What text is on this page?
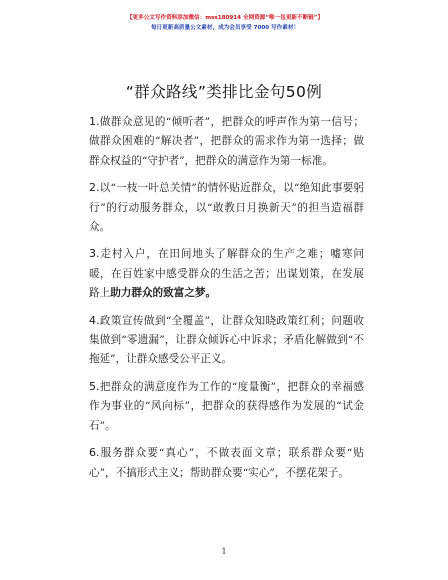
【更多公文写作资料添加微信：mss180914 全网资源“唯一包更新不断链”】
每日更新高质量公文素材，成为会员享受 7000 写作素材！
“群众路线”类排比金句50例

1.做群众意见的“倾听者”，把群众的呼声作为第一信号；做群众困难的“解决者”，把群众的需求作为第一选择；做群众权益的“守护者”，把群众的满意作为第一标准。

2.以“一枝一叶总关情”的情怀贴近群众，以“绝知此事要躬行”的行动服务群众，以“敢教日月换新天”的担当造福群众。

3.走村入户，在田间地头了解群众的生产之难；嘘寒问暖，在百姓家中感受群众的生活之苦；出谋划策，在发展路上助力群众的致富之梦。

4.政策宣传做到“全覆盖”，让群众知晓政策红利；问题收集做到“零遗漏”，让群众倾诉心中诉求；矛盾化解做到“不拖延”，让群众感受公平正义。

5.把群众的满意度作为工作的“度量衡”，把群众的幸福感作为事业的“风向标”，把群众的获得感作为发展的“试金石”。

6.服务群众要“真心”，不做表面文章；联系群众要“贴心”，不搞形式主义；帮助群众要“实心”，不摆花架子。

1
